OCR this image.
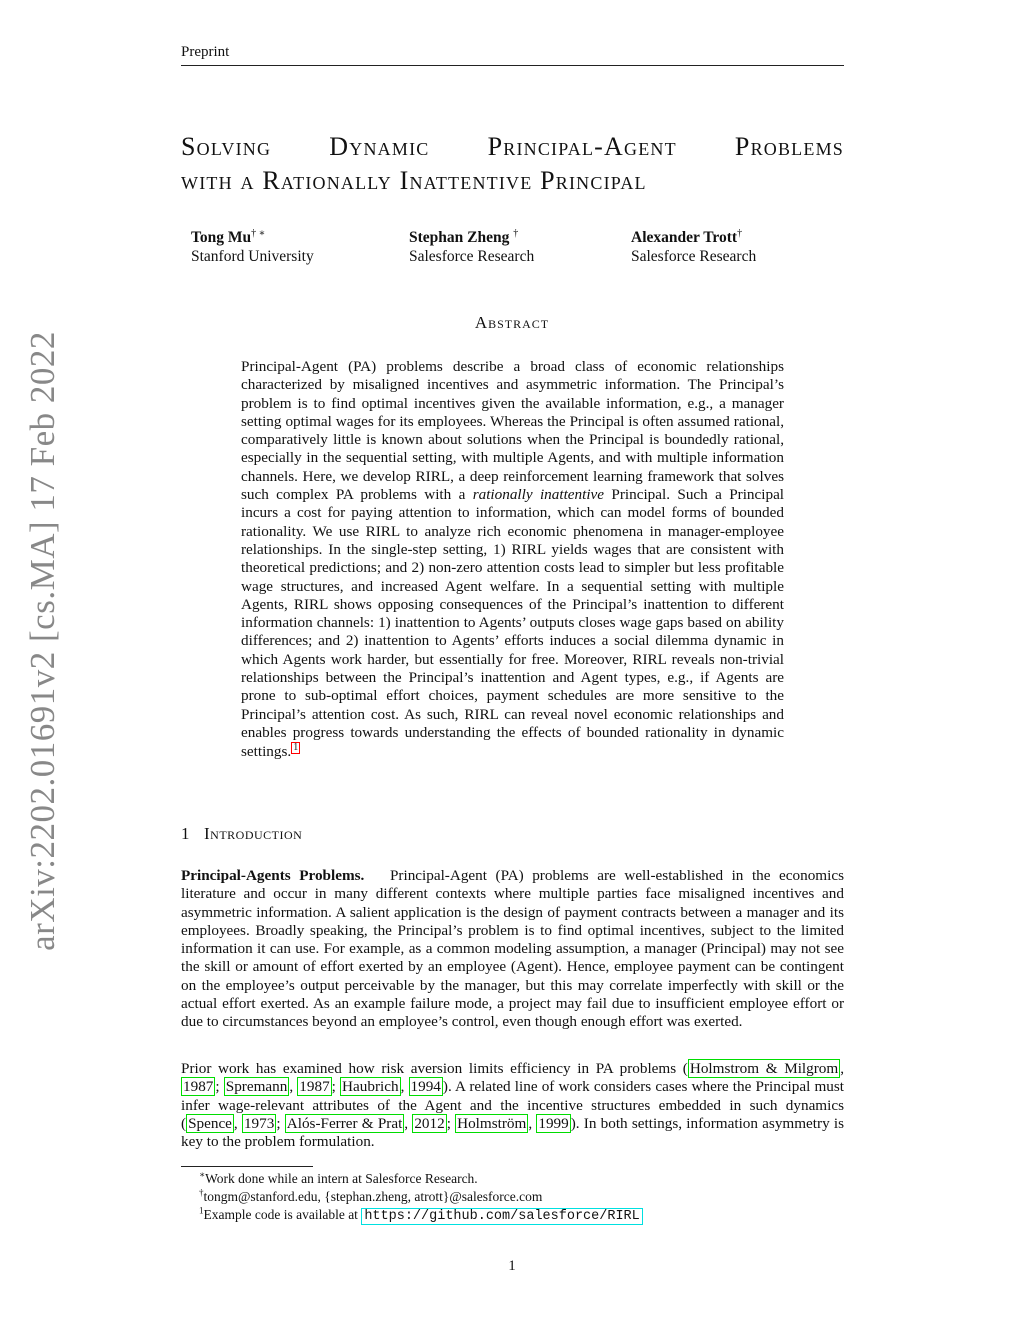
Preprint
arXiv:2202.01691v2 [cs.MA] 17 Feb 2022
Solving Dynamic Principal-Agent Problems
with a Rationally Inattentive Principal
Tong Mu† ∗
Stanford University
Stephan Zheng †
Salesforce Research
Alexander Trott†
Salesforce Research
Abstract
Principal-Agent (PA) problems describe a broad class of economic relationships characterized by misaligned incentives and asymmetric information. The Principal’s problem is to find optimal incentives given the available information, e.g., a manager setting optimal wages for its employees. Whereas the Principal is often assumed rational, comparatively little is known about solutions when the Principal is boundedly rational, especially in the sequential setting, with multiple Agents, and with multiple information channels. Here, we develop RIRL, a deep reinforcement learning framework that solves such complex PA problems with a rationally inattentive Principal. Such a Principal incurs a cost for paying attention to information, which can model forms of bounded rationality. We use RIRL to analyze rich economic phenomena in manager-employee relationships. In the single-step setting, 1) RIRL yields wages that are consistent with theoretical predictions; and 2) non-zero attention costs lead to simpler but less profitable wage structures, and increased Agent welfare. In a sequential setting with multiple Agents, RIRL shows opposing consequences of the Principal’s inattention to different information channels: 1) inattention to Agents’ outputs closes wage gaps based on ability differences; and 2) inattention to Agents’ efforts induces a social dilemma dynamic in which Agents work harder, but essentially for free. Moreover, RIRL reveals non-trivial relationships between the Principal’s inattention and Agent types, e.g., if Agents are prone to sub-optimal effort choices, payment schedules are more sensitive to the Principal’s attention cost. As such, RIRL can reveal novel economic relationships and enables progress towards understanding the effects of bounded rationality in dynamic settings. 1
1 Introduction
Principal-Agents Problems. Principal-Agent (PA) problems are well-established in the economics literature and occur in many different contexts where multiple parties face misaligned incentives and asymmetric information. A salient application is the design of payment contracts between a manager and its employees. Broadly speaking, the Principal’s problem is to find optimal incentives, subject to the limited information it can use. For example, as a common modeling assumption, a manager (Principal) may not see the skill or amount of effort exerted by an employee (Agent). Hence, employee payment can be contingent on the employee’s output perceivable by the manager, but this may correlate imperfectly with skill or the actual effort exerted. As an example failure mode, a project may fail due to insufficient employee effort or due to circumstances beyond an employee’s control, even though enough effort was exerted.
Prior work has examined how risk aversion limits efficiency in PA problems ( Holmstrom & Milgrom , 1987 ; Spremann , 1987 ; Haubrich , 1994 ). A related line of work considers cases where the Principal must infer wage-relevant attributes of the Agent and the incentive structures embedded in such dynamics ( Spence , 1973 ; Alós-Ferrer & Prat , 2012 ; Holmström , 1999 ). In both settings, information asymmetry is key to the problem formulation.
∗Work done while an intern at Salesforce Research.
†tongm@stanford.edu, {stephan.zheng, atrott}@salesforce.com
$^1$Example code is available at https://github.com/salesforce/RIRL
1
